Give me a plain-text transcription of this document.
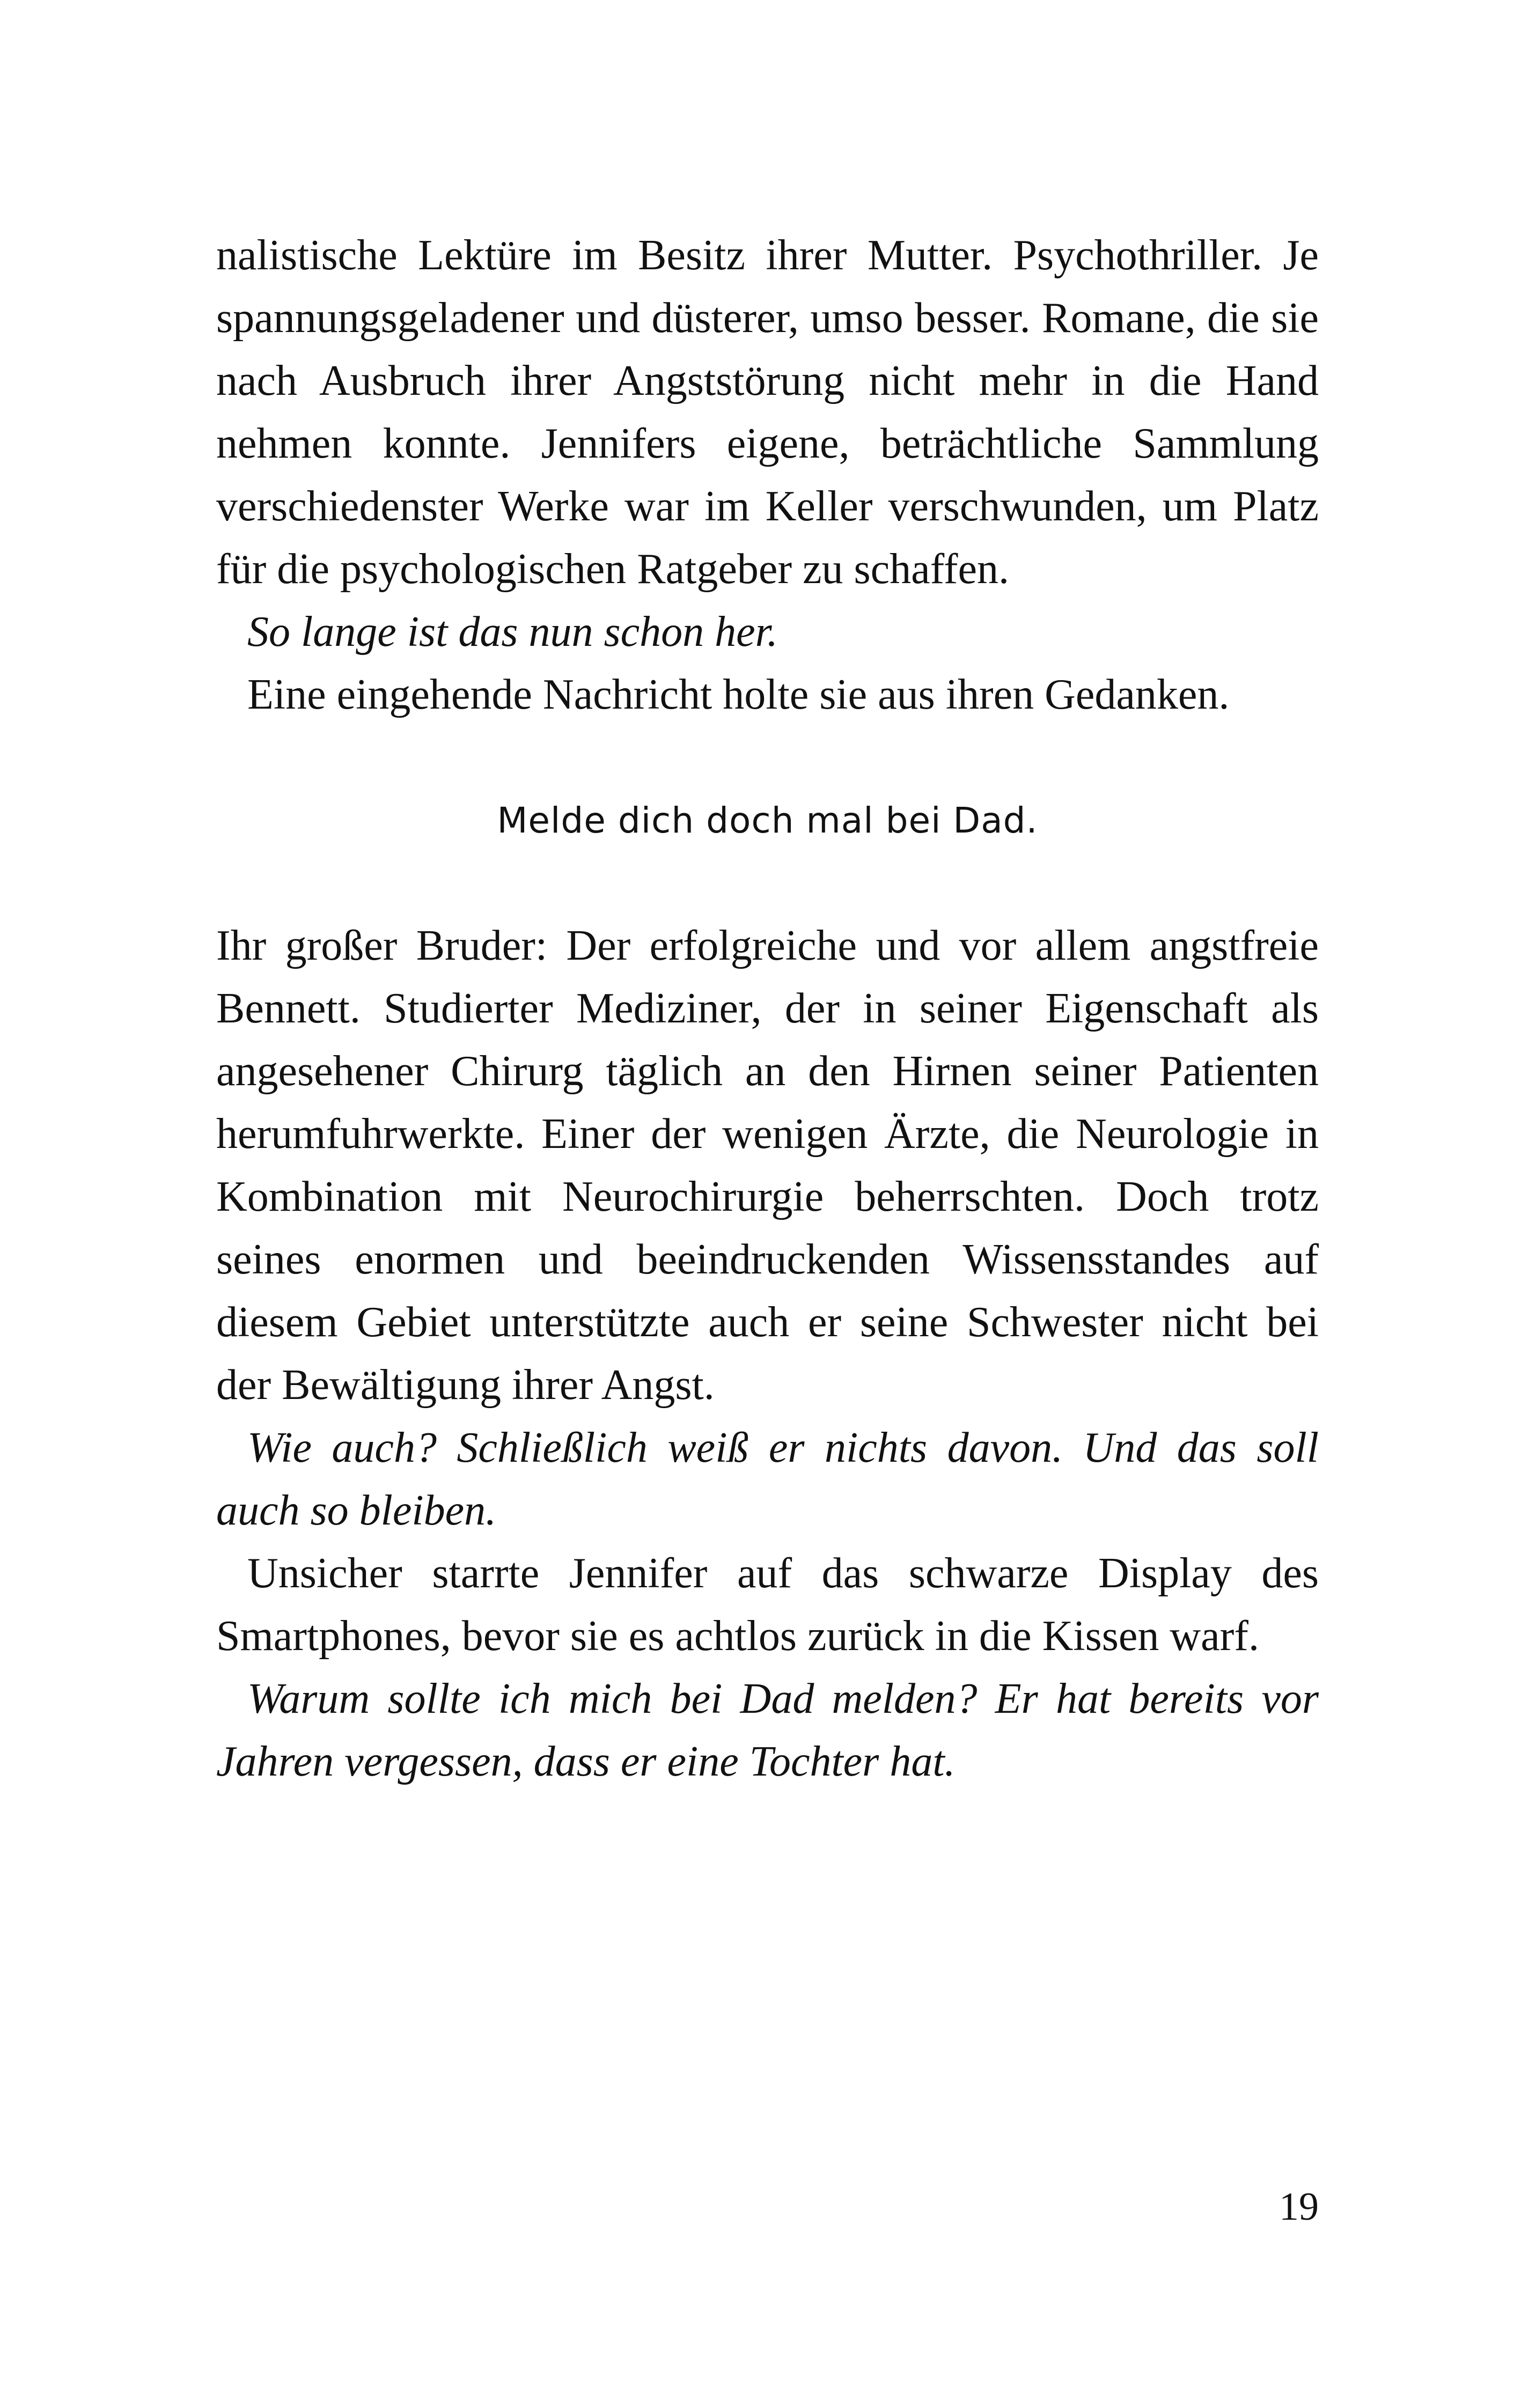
nalistische Lektüre im Besitz ihrer Mutter. Psychothriller. Je spannungsgeladener und düsterer, umso besser. Romane, die sie nach Ausbruch ihrer Angststörung nicht mehr in die Hand nehmen konnte. Jennifers eigene, beträchtliche Sammlung verschiedenster Werke war im Keller verschwunden, um Platz für die psychologischen Ratgeber zu schaffen.

So lange ist das nun schon her.

Eine eingehende Nachricht holte sie aus ihren Gedanken.

Melde dich doch mal bei Dad.

Ihr großer Bruder: Der erfolgreiche und vor allem angstfreie Bennett. Studierter Mediziner, der in seiner Eigenschaft als angesehener Chirurg täglich an den Hirnen seiner Patienten herumfuhrwerkte. Einer der wenigen Ärzte, die Neurologie in Kombination mit Neurochirurgie beherrschten. Doch trotz seines enormen und beeindruckenden Wissensstandes auf diesem Gebiet unterstützte auch er seine Schwester nicht bei der Bewältigung ihrer Angst.

Wie auch? Schließlich weiß er nichts davon. Und das soll auch so bleiben.

Unsicher starrte Jennifer auf das schwarze Display des Smartphones, bevor sie es achtlos zurück in die Kissen warf.

Warum sollte ich mich bei Dad melden? Er hat bereits vor Jahren vergessen, dass er eine Tochter hat.

19
